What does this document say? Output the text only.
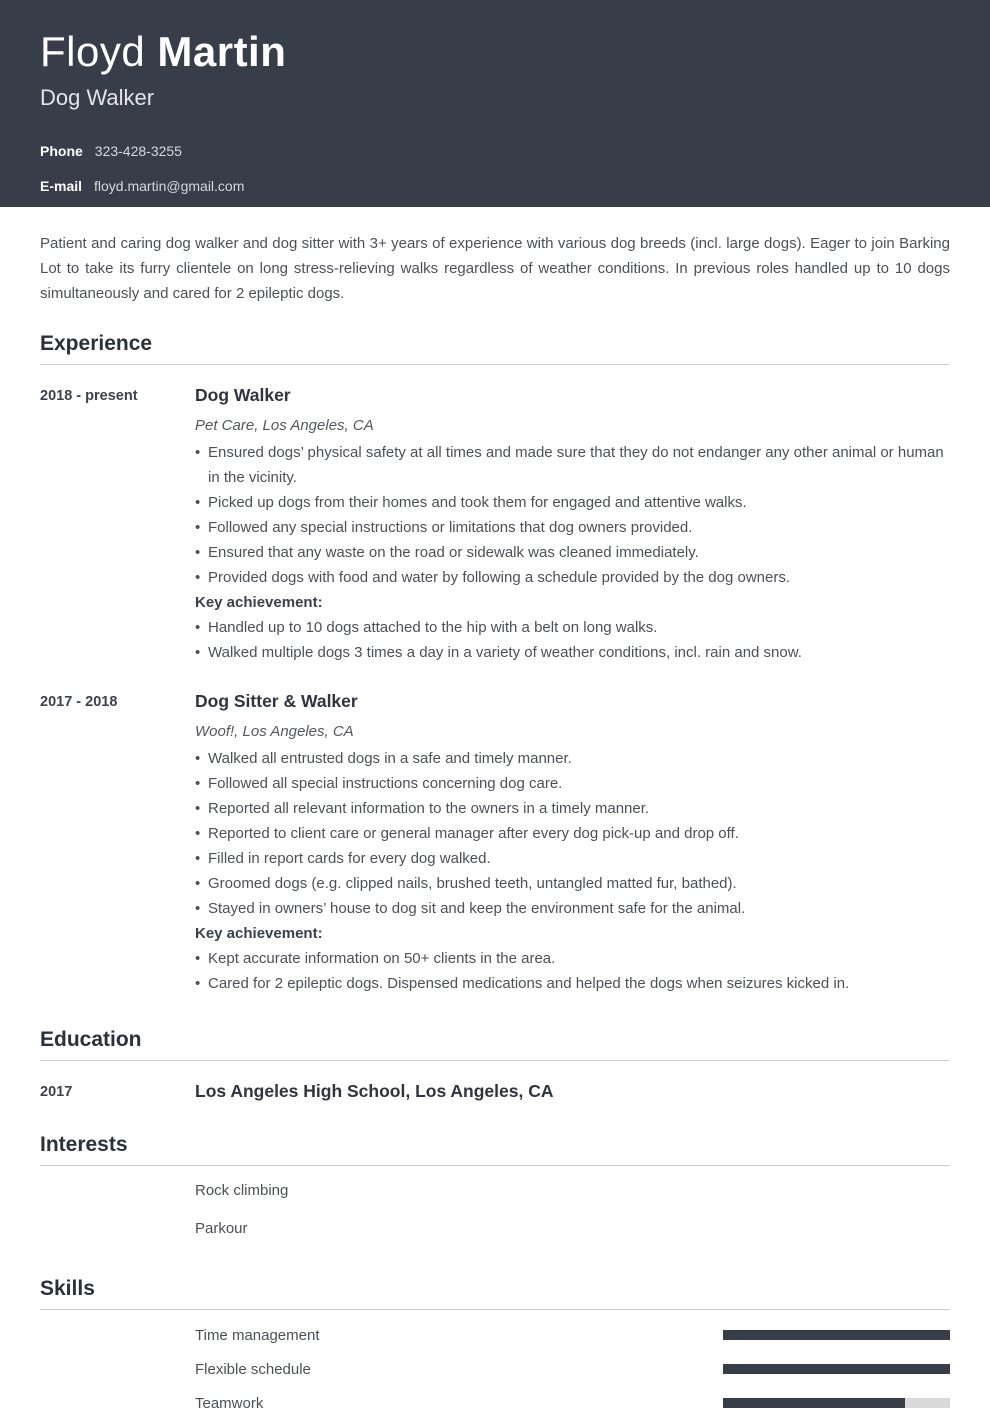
Floyd Martin
Dog Walker
Phone 323-428-3255
E-mail floyd.martin@gmail.com

Patient and caring dog walker and dog sitter with 3+ years of experience with various dog breeds (incl. large dogs). Eager to join Barking Lot to take its furry clientele on long stress-relieving walks regardless of weather conditions. In previous roles handled up to 10 dogs simultaneously and cared for 2 epileptic dogs.

Experience
2018 - present	Dog Walker
Pet Care, Los Angeles, CA
• Ensured dogs’ physical safety at all times and made sure that they do not endanger any other animal or human in the vicinity.
• Picked up dogs from their homes and took them for engaged and attentive walks.
• Followed any special instructions or limitations that dog owners provided.
• Ensured that any waste on the road or sidewalk was cleaned immediately.
• Provided dogs with food and water by following a schedule provided by the dog owners.
Key achievement:
• Handled up to 10 dogs attached to the hip with a belt on long walks.
• Walked multiple dogs 3 times a day in a variety of weather conditions, incl. rain and snow.
2017 - 2018	Dog Sitter & Walker
Woof!, Los Angeles, CA
• Walked all entrusted dogs in a safe and timely manner.
• Followed all special instructions concerning dog care.
• Reported all relevant information to the owners in a timely manner.
• Reported to client care or general manager after every dog pick-up and drop off.
• Filled in report cards for every dog walked.
• Groomed dogs (e.g. clipped nails, brushed teeth, untangled matted fur, bathed).
• Stayed in owners’ house to dog sit and keep the environment safe for the animal.
Key achievement:
• Kept accurate information on 50+ clients in the area.
• Cared for 2 epileptic dogs. Dispensed medications and helped the dogs when seizures kicked in.
Education
2017	Los Angeles High School, Los Angeles, CA
Interests
Rock climbing
Parkour
Skills
Time management
Flexible schedule
Teamwork
